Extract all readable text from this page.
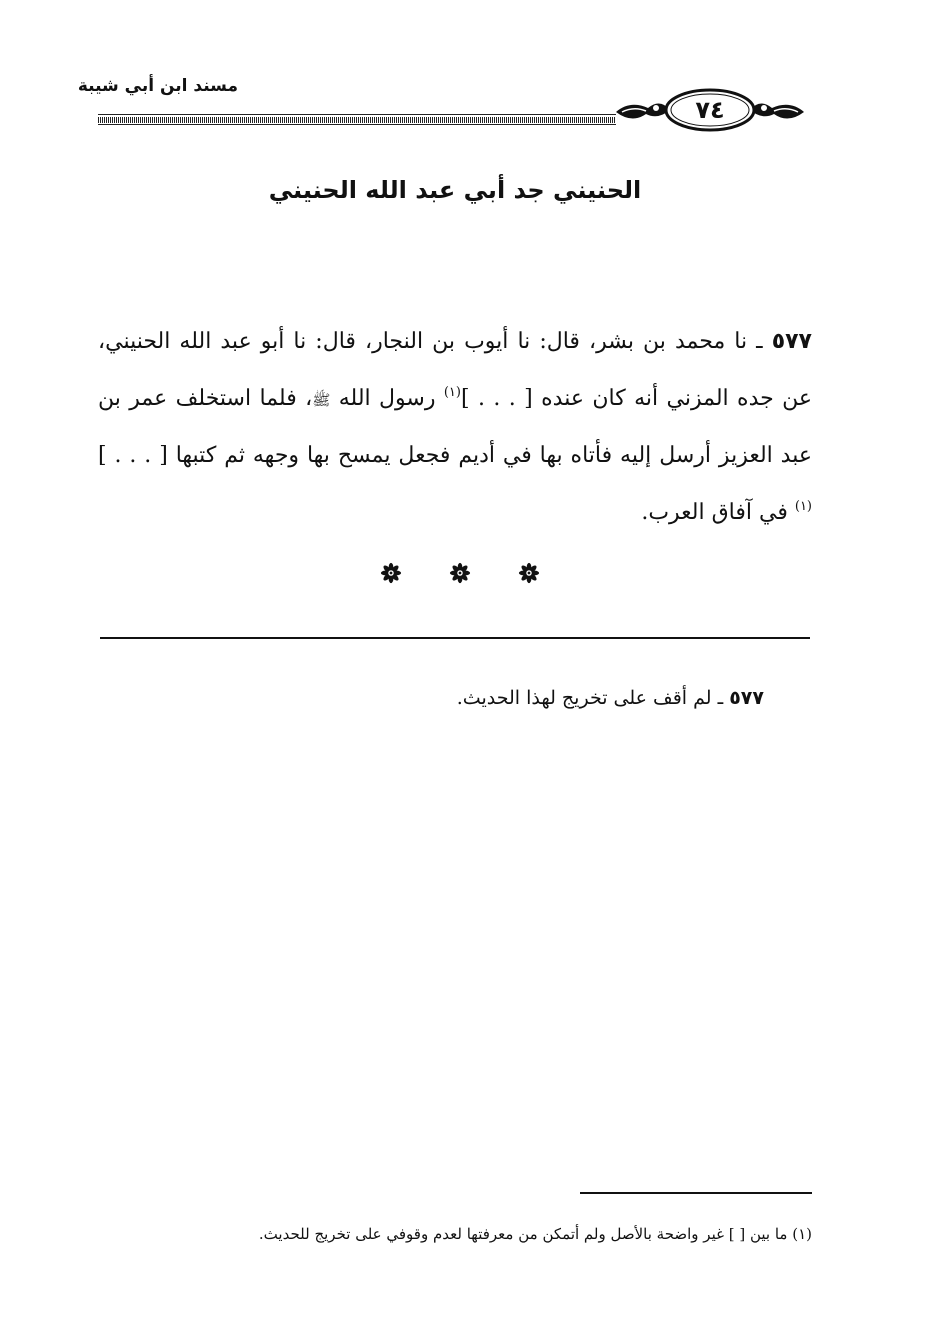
مسند ابن أبي شيبة
٧٤
الحنيني جد أبي عبد الله الحنيني

٥٧٧ ـ نا محمد بن بشر، قال: نا أيوب بن النجار، قال: نا أبو عبد الله الحنيني، عن جده المزني أنه كان عنده [ . . . ]$^{(١)}$ رسول الله ﷺ، فلما استخلف عمر بن عبد العزيز أرسل إليه فأتاه بها في أديم فجعل يمسح بها وجهه ثم كتبها [ . . . ]$^{(١)}$ في آفاق العرب.

٥٧٧ ـ لم أقف على تخريج لهذا الحديث.

(١) ما بين [ ] غير واضحة بالأصل ولم أتمكن من معرفتها لعدم وقوفي على تخريج للحديث.
